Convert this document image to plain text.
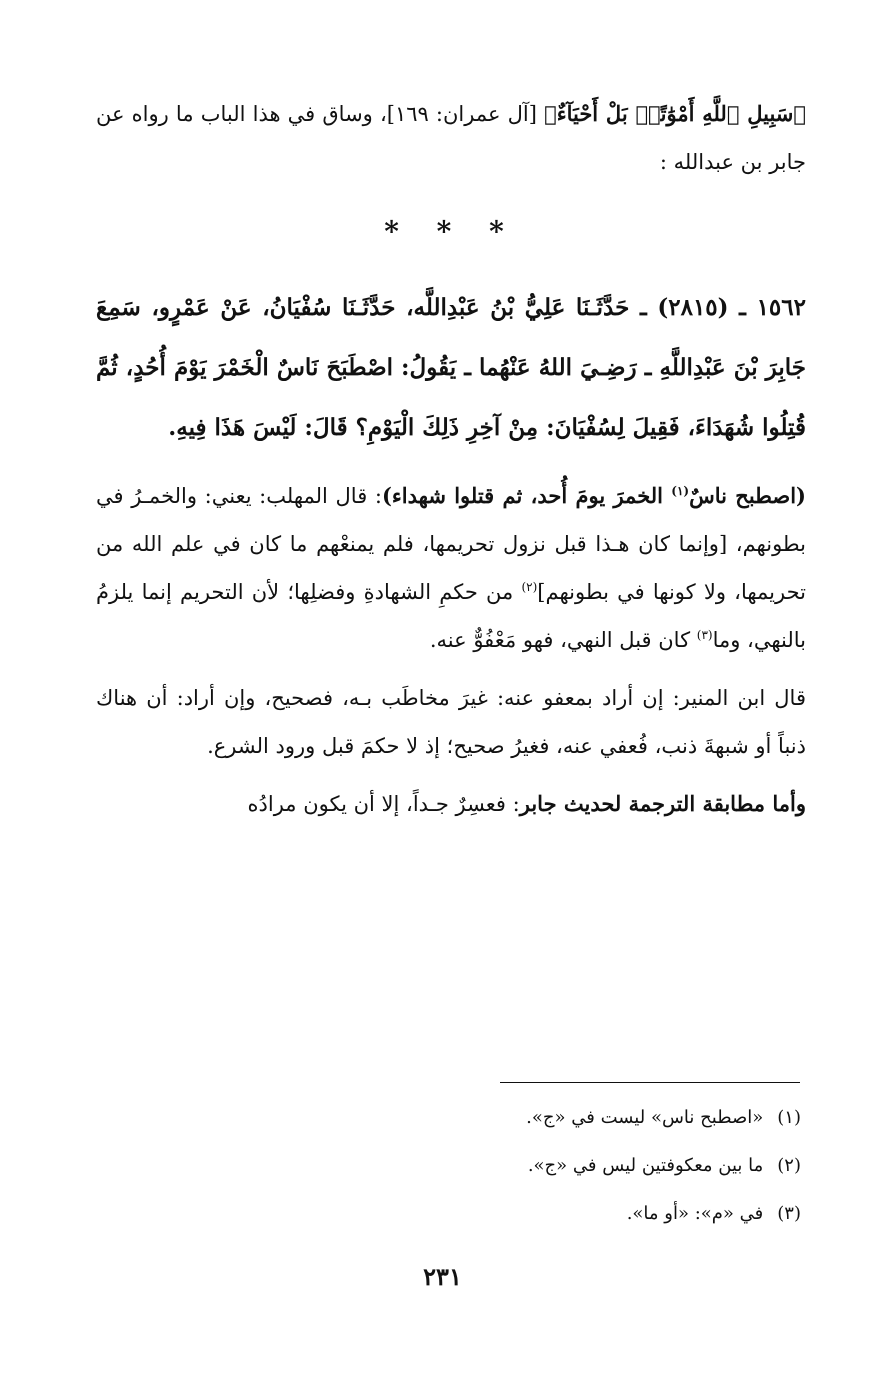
﴿سَبِيلِ ٱللَّهِ أَمْوَٰتًاۚ بَلْ أَحْيَآءٌ﴾ [آل عمران: ١٦٩]، وساق في هذا الباب ما رواه عن جابر بن عبدالله :

* * *

١٥٦٢ ـ (٢٨١٥) ـ حَدَّثَـنَا عَلِيُّ بْنُ عَبْدِاللَّه، حَدَّثَـنَا سُفْيَانُ، عَنْ عَمْرٍو، سَمِعَ جَابِرَ بْنَ عَبْدِاللَّهِ ـ رَضِـيَ اللهُ عَنْهُما ـ يَقُولُ: اصْطَبَحَ نَاسٌ الْخَمْرَ يَوْمَ أُحُدٍ، ثُمَّ قُتِلُوا شُهَدَاءَ، فَقِيلَ لِسُفْيَانَ: مِنْ آخِرِ ذَلِكَ الْيَوْمِ؟ قَالَ: لَيْسَ هَذَا فِيهِ.

(اصطبح ناسٌ$^{(١)}$ الخمرَ يومَ أُحد، ثم قتلوا شهداء): قال المهلب: يعني: والخمـرُ في بطونهم، [وإنما كان هـذا قبل نزول تحريمها، فلم يمنعْهم ما كان في علم الله من تحريمها، ولا كونها في بطونهم]$^{(٢)}$ من حكمِ الشهادةِ وفضلِها؛ لأن التحريم إنما يلزمُ بالنهي، وما$^{(٣)}$ كان قبل النهي، فهو مَعْفُوٌّ عنه.

قال ابن المنير: إن أراد بمعفو عنه: غيرَ مخاطَب بـه، فصحيح، وإن أراد: أن هناك ذنباً أو شبهةَ ذنب، فُعفي عنه، فغيرُ صحيح؛ إذ لا حكمَ قبل ورود الشرع.

وأما مطابقة الترجمة لحديث جابر: فعسِرٌ جـداً، إلا أن يكون مرادُه

(١)«اصطبح ناس» ليست في «ج».

(٢)ما بين معكوفتين ليس في «ج».

(٣)في «م»: «أو ما».

٢٣١
